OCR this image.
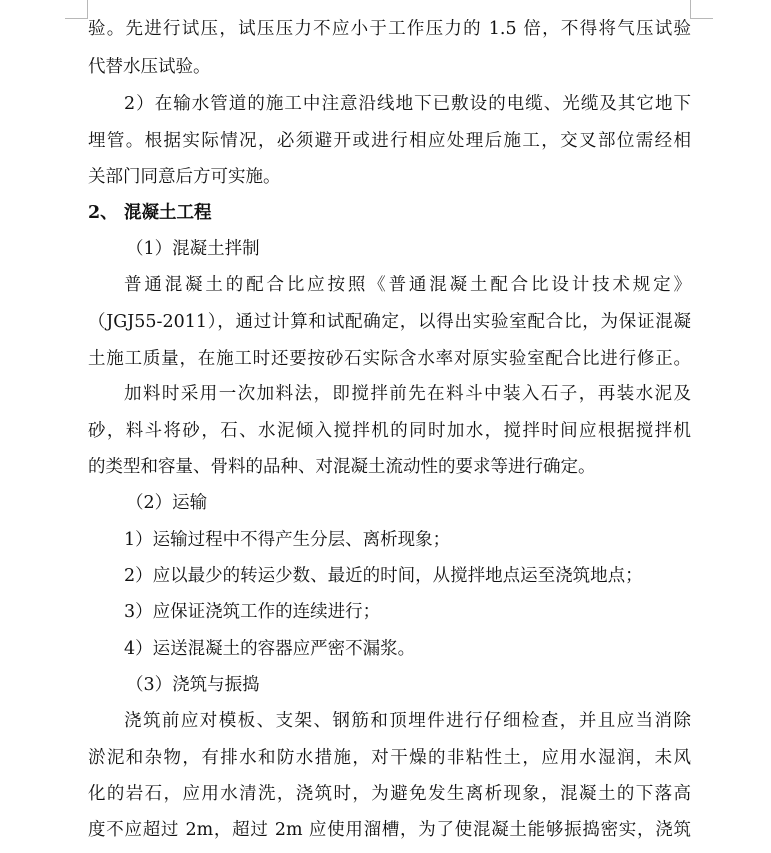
验。先进行试压，试压压力不应小于工作压力的 1.5 倍，不得将气压试验
代替水压试验。
2）在输水管道的施工中注意沿线地下已敷设的电缆、光缆及其它地下
埋管。根据实际情况，必须避开或进行相应处理后施工，交叉部位需经相
关部门同意后方可实施。
2、 混凝土工程
（1）混凝土拌制
普通混凝土的配合比应按照《普通混凝土配合比设计技术规定》
（JGJ55-2011），通过计算和试配确定，以得出实验室配合比，为保证混凝
土施工质量，在施工时还要按砂石实际含水率对原实验室配合比进行修正。
加料时采用一次加料法，即搅拌前先在料斗中装入石子，再装水泥及
砂，料斗将砂，石、水泥倾入搅拌机的同时加水，搅拌时间应根据搅拌机
的类型和容量、骨料的品种、对混凝土流动性的要求等进行确定。
（2）运输
1）运输过程中不得产生分层、离析现象；
2）应以最少的转运少数、最近的时间，从搅拌地点运至浇筑地点；
3）应保证浇筑工作的连续进行；
4）运送混凝土的容器应严密不漏浆。
（3）浇筑与振捣
浇筑前应对模板、支架、钢筋和顶埋件进行仔细检查，并且应当消除
淤泥和杂物，有排水和防水措施，对干燥的非粘性土，应用水湿润，未风
化的岩石，应用水清洗，浇筑时，为避免发生离析现象，混凝土的下落高
度不应超过 2m，超过 2m 应使用溜槽，为了使混凝土能够振捣密实，浇筑
